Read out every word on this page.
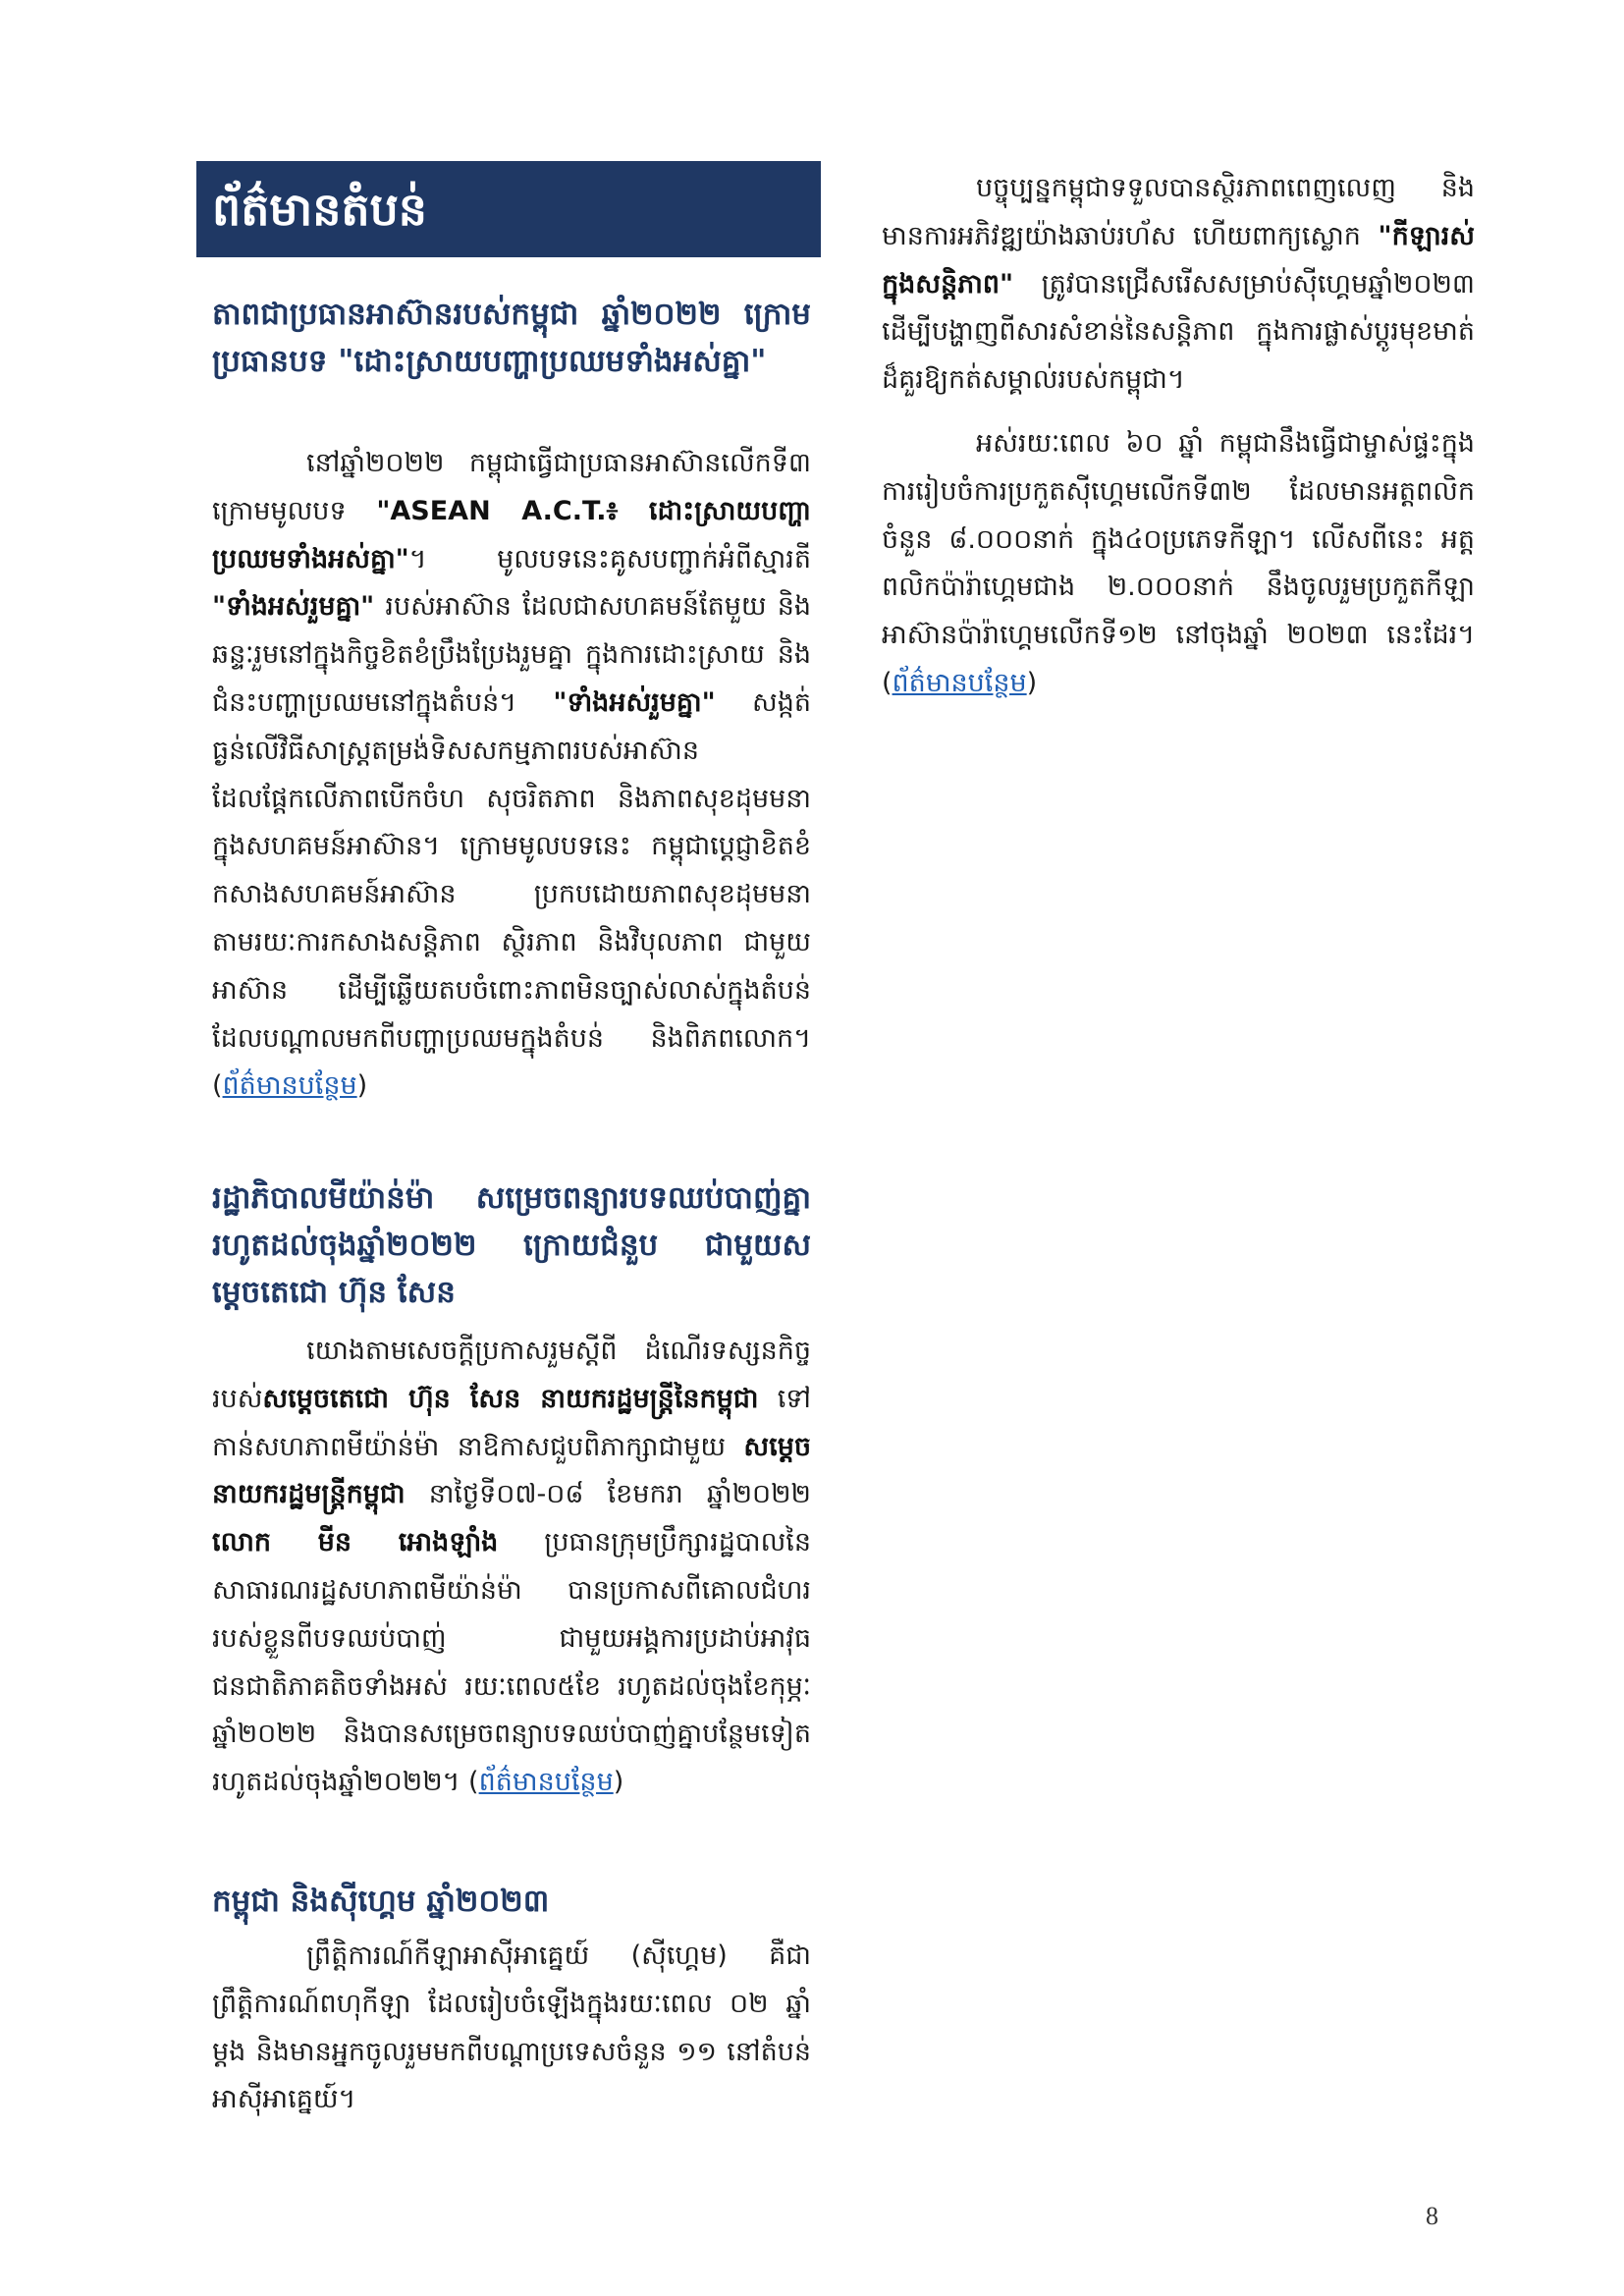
ព័ត៌មានតំបន់
តាពជាប្រធានអាស៊ានរបស់កម្ពុជា ឆ្នាំ២០២២ ក្រោមប្រធានបទ "ដោះស្រាយបញ្ហាប្រឈមទាំងអស់គ្នា"
នៅឆ្នាំ២០២២ កម្ពុជាធ្វើជាប្រធានអាស៊ានលើកទី៣ ក្រោមមូលបទ "ASEAN A.C.T.៖ ដោះស្រាយបញ្ហាប្រឈមទាំងអស់គ្នា"។ មូលបទនេះគូសបញ្ជាក់អំពីស្មារតី "ទាំងអស់រួមគ្នា" របស់អាស៊ាន ដែលជាសហគមន៍តែមួយ និងឆន្ទៈរួមនៅក្នុងកិច្ចខិតខំប្រឹងប្រែងរួមគ្នា ក្នុងការដោះស្រាយ និងជំនះបញ្ហាប្រឈមនៅក្នុងតំបន់។ "ទាំងអស់រួមគ្នា" សង្កត់ធ្ងន់លើវិធីសាស្ត្រតម្រង់ទិសសកម្មភាពរបស់អាស៊ាន ដែលផ្តែកលើភាពបើកចំហ សុចរិតភាព និងភាពសុខដុមមនាក្នុងសហគមន៍អាស៊ាន។ ក្រោមមូលបទនេះ កម្ពុជាប្តេជ្ញាខិតខំកសាងសហគមន៍អាស៊ាន ប្រកបដោយភាពសុខដុមមនាតាមរយៈការកសាងសន្តិភាព ស្ថិរភាព និងវិបុលភាព ជាមួយអាស៊ាន ដើម្បីឆ្លើយតបចំពោះភាពមិនច្បាស់លាស់ក្នុងតំបន់ ដែលបណ្តាលមកពីបញ្ហាប្រឈមក្នុងតំបន់ និងពិភពលោក។ (ព័ត៌មានបន្ថែម)
រដ្ឋាភិបាលមីយ៉ាន់ម៉ា សម្រេចពន្យារបទឈប់បាញ់គ្នារហូតដល់ចុងឆ្នាំ២០២២ ក្រោយជំនួប ជាមួយសម្តេចតេជោ ហ៊ុន សែន
យោងតាមសេចក្តីប្រកាសរួមស្តីពី ដំណើរទស្សនកិច្ចរបស់សម្តេចតេជោ ហ៊ុន សែន នាយករដ្ឋមន្ត្រីនៃកម្ពុជា ទៅកាន់សហភាពមីយ៉ាន់ម៉ា នាឱកាសជួបពិភាក្សាជាមួយ សម្តេចនាយករដ្ឋមន្ត្រីកម្ពុជា នាថ្ងៃទី០៧-០៨ ខែមករា ឆ្នាំ២០២២ លោក មីន អោងឡាំង ប្រធានក្រុមប្រឹក្សារដ្ឋបាលនៃសាធារណរដ្ឋសហភាពមីយ៉ាន់ម៉ា បានប្រកាសពីគោលជំហររបស់ខ្លួនពីបទឈប់បាញ់ ជាមួយអង្គការប្រដាប់អាវុធជនជាតិភាគតិចទាំងអស់ រយៈពេល៥ខែ រហូតដល់ចុងខែកុម្ភៈ ឆ្នាំ២០២២ និងបានសម្រេចពន្យាបទឈប់បាញ់គ្នាបន្ថែមទៀតរហូតដល់ចុងឆ្នាំ២០២២។ (ព័ត៌មានបន្ថែម)
កម្ពុជា និងស៊ីហ្គេម ឆ្នាំ២០២៣
ព្រឹត្តិការណ៍កីឡាអាស៊ីអាគ្នេយ៍ (ស៊ីហ្គេម) គឺជាព្រឹត្តិការណ៍ពហុកីឡា ដែលរៀបចំឡើងក្នុងរយៈពេល ០២ ឆ្នាំម្តង និងមានអ្នកចូលរួមមកពីបណ្តាប្រទេសចំនួន ១១ នៅតំបន់អាស៊ីអាគ្នេយ៍។
បច្ចុប្បន្នកម្ពុជាទទួលបានស្ថិរភាពពេញលេញ និងមានការអភិវឌ្ឍយ៉ាងឆាប់រហ័ស ហើយពាក្យស្លោក "កីឡារស់ក្នុងសន្តិភាព" ត្រូវបានជ្រើសរើសសម្រាប់ស៊ីហ្គេមឆ្នាំ២០២៣ ដើម្បីបង្ហាញពីសារសំខាន់នៃសន្តិភាព ក្នុងការផ្លាស់ប្តូរមុខមាត់ដ៏គួរឱ្យកត់សម្គាល់របស់កម្ពុជា។
អស់រយៈពេល ៦០ ឆ្នាំ កម្ពុជានឹងធ្វើជាម្ចាស់ផ្ទះក្នុងការរៀបចំការប្រកួតស៊ីហ្គេមលើកទី៣២ ដែលមានអត្តពលិកចំនួន ៨.០០០នាក់ ក្នុង៤០ប្រភេទកីឡា។ លើសពីនេះ អត្តពលិកប៉ារ៉ាហ្គេមជាង ២.០០០នាក់ នឹងចូលរួមប្រកួតកីឡាអាស៊ានប៉ារ៉ាហ្គេមលើកទី១២ នៅចុងឆ្នាំ ២០២៣ នេះដែរ។ (ព័ត៌មានបន្ថែម)
8
